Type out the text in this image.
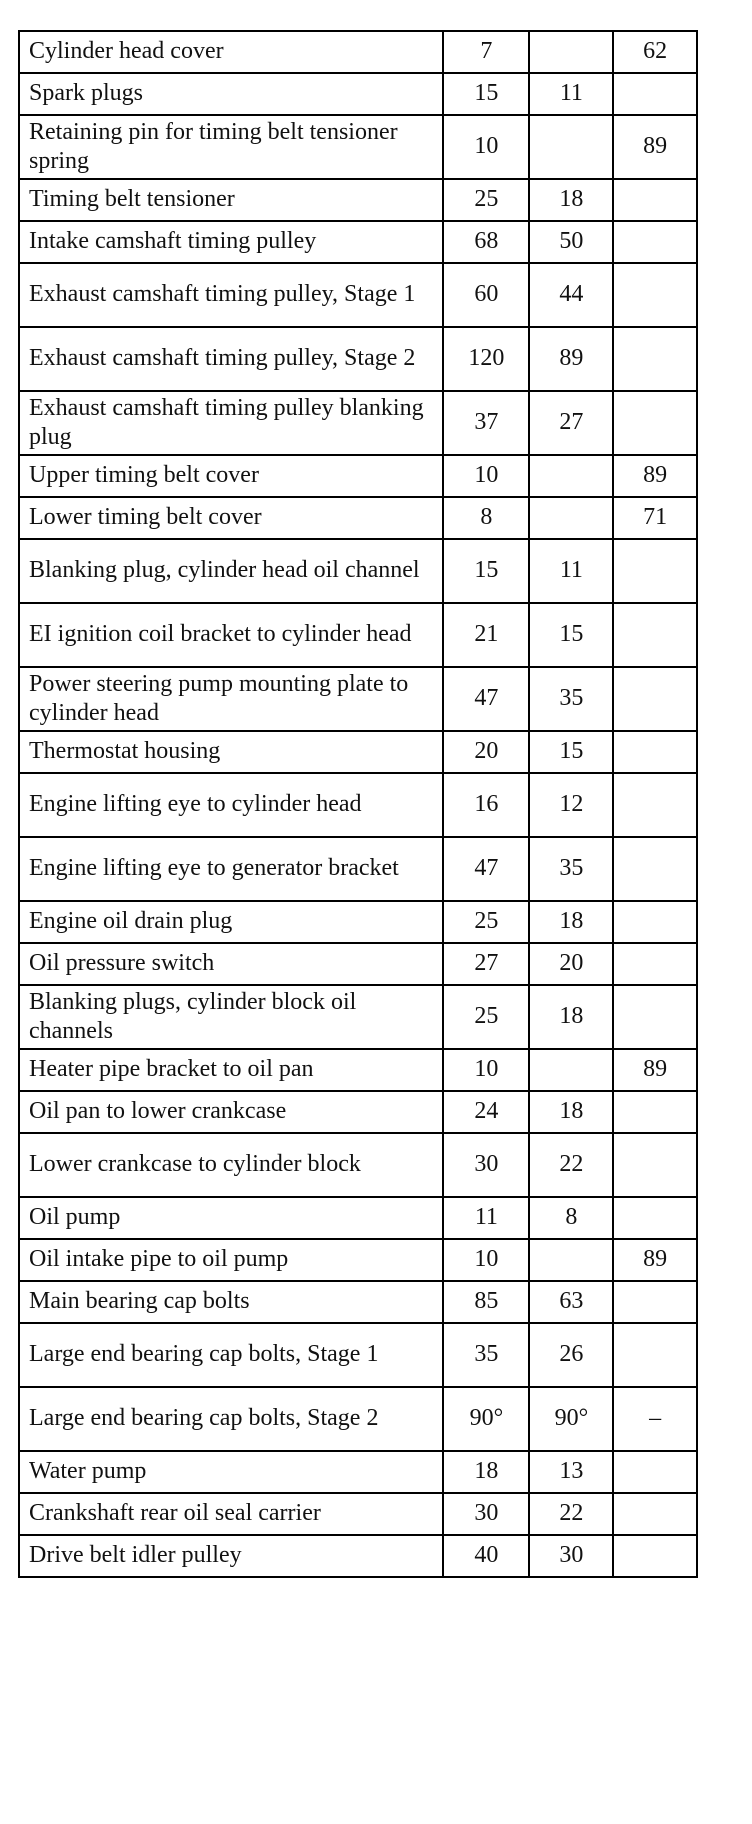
Cylinder head cover	7		62
Spark plugs	15	11	
Retaining pin for timing belt tensioner spring	10		89
Timing belt tensioner	25	18	
Intake camshaft timing pulley	68	50	
Exhaust camshaft timing pulley, Stage 1	60	44	
Exhaust camshaft timing pulley, Stage 2	120	89	
Exhaust camshaft timing pulley blanking plug	37	27	
Upper timing belt cover	10		89
Lower timing belt cover	8		71
Blanking plug, cylinder head oil channel	15	11	
EI ignition coil bracket to cylinder head	21	15	
Power steering pump mounting plate to cylinder head	47	35	
Thermostat housing	20	15	
Engine lifting eye to cylinder head	16	12	
Engine lifting eye to generator bracket	47	35	
Engine oil drain plug	25	18	
Oil pressure switch	27	20	
Blanking plugs, cylinder block oil channels	25	18	
Heater pipe bracket to oil pan	10		89
Oil pan to lower crankcase	24	18	
Lower crankcase to cylinder block	30	22	
Oil pump	11	8	
Oil intake pipe to oil pump	10		89
Main bearing cap bolts	85	63	
Large end bearing cap bolts, Stage 1	35	26	
Large end bearing cap bolts, Stage 2	90°	90°	–
Water pump	18	13	
Crankshaft rear oil seal carrier	30	22	
Drive belt idler pulley	40	30	
